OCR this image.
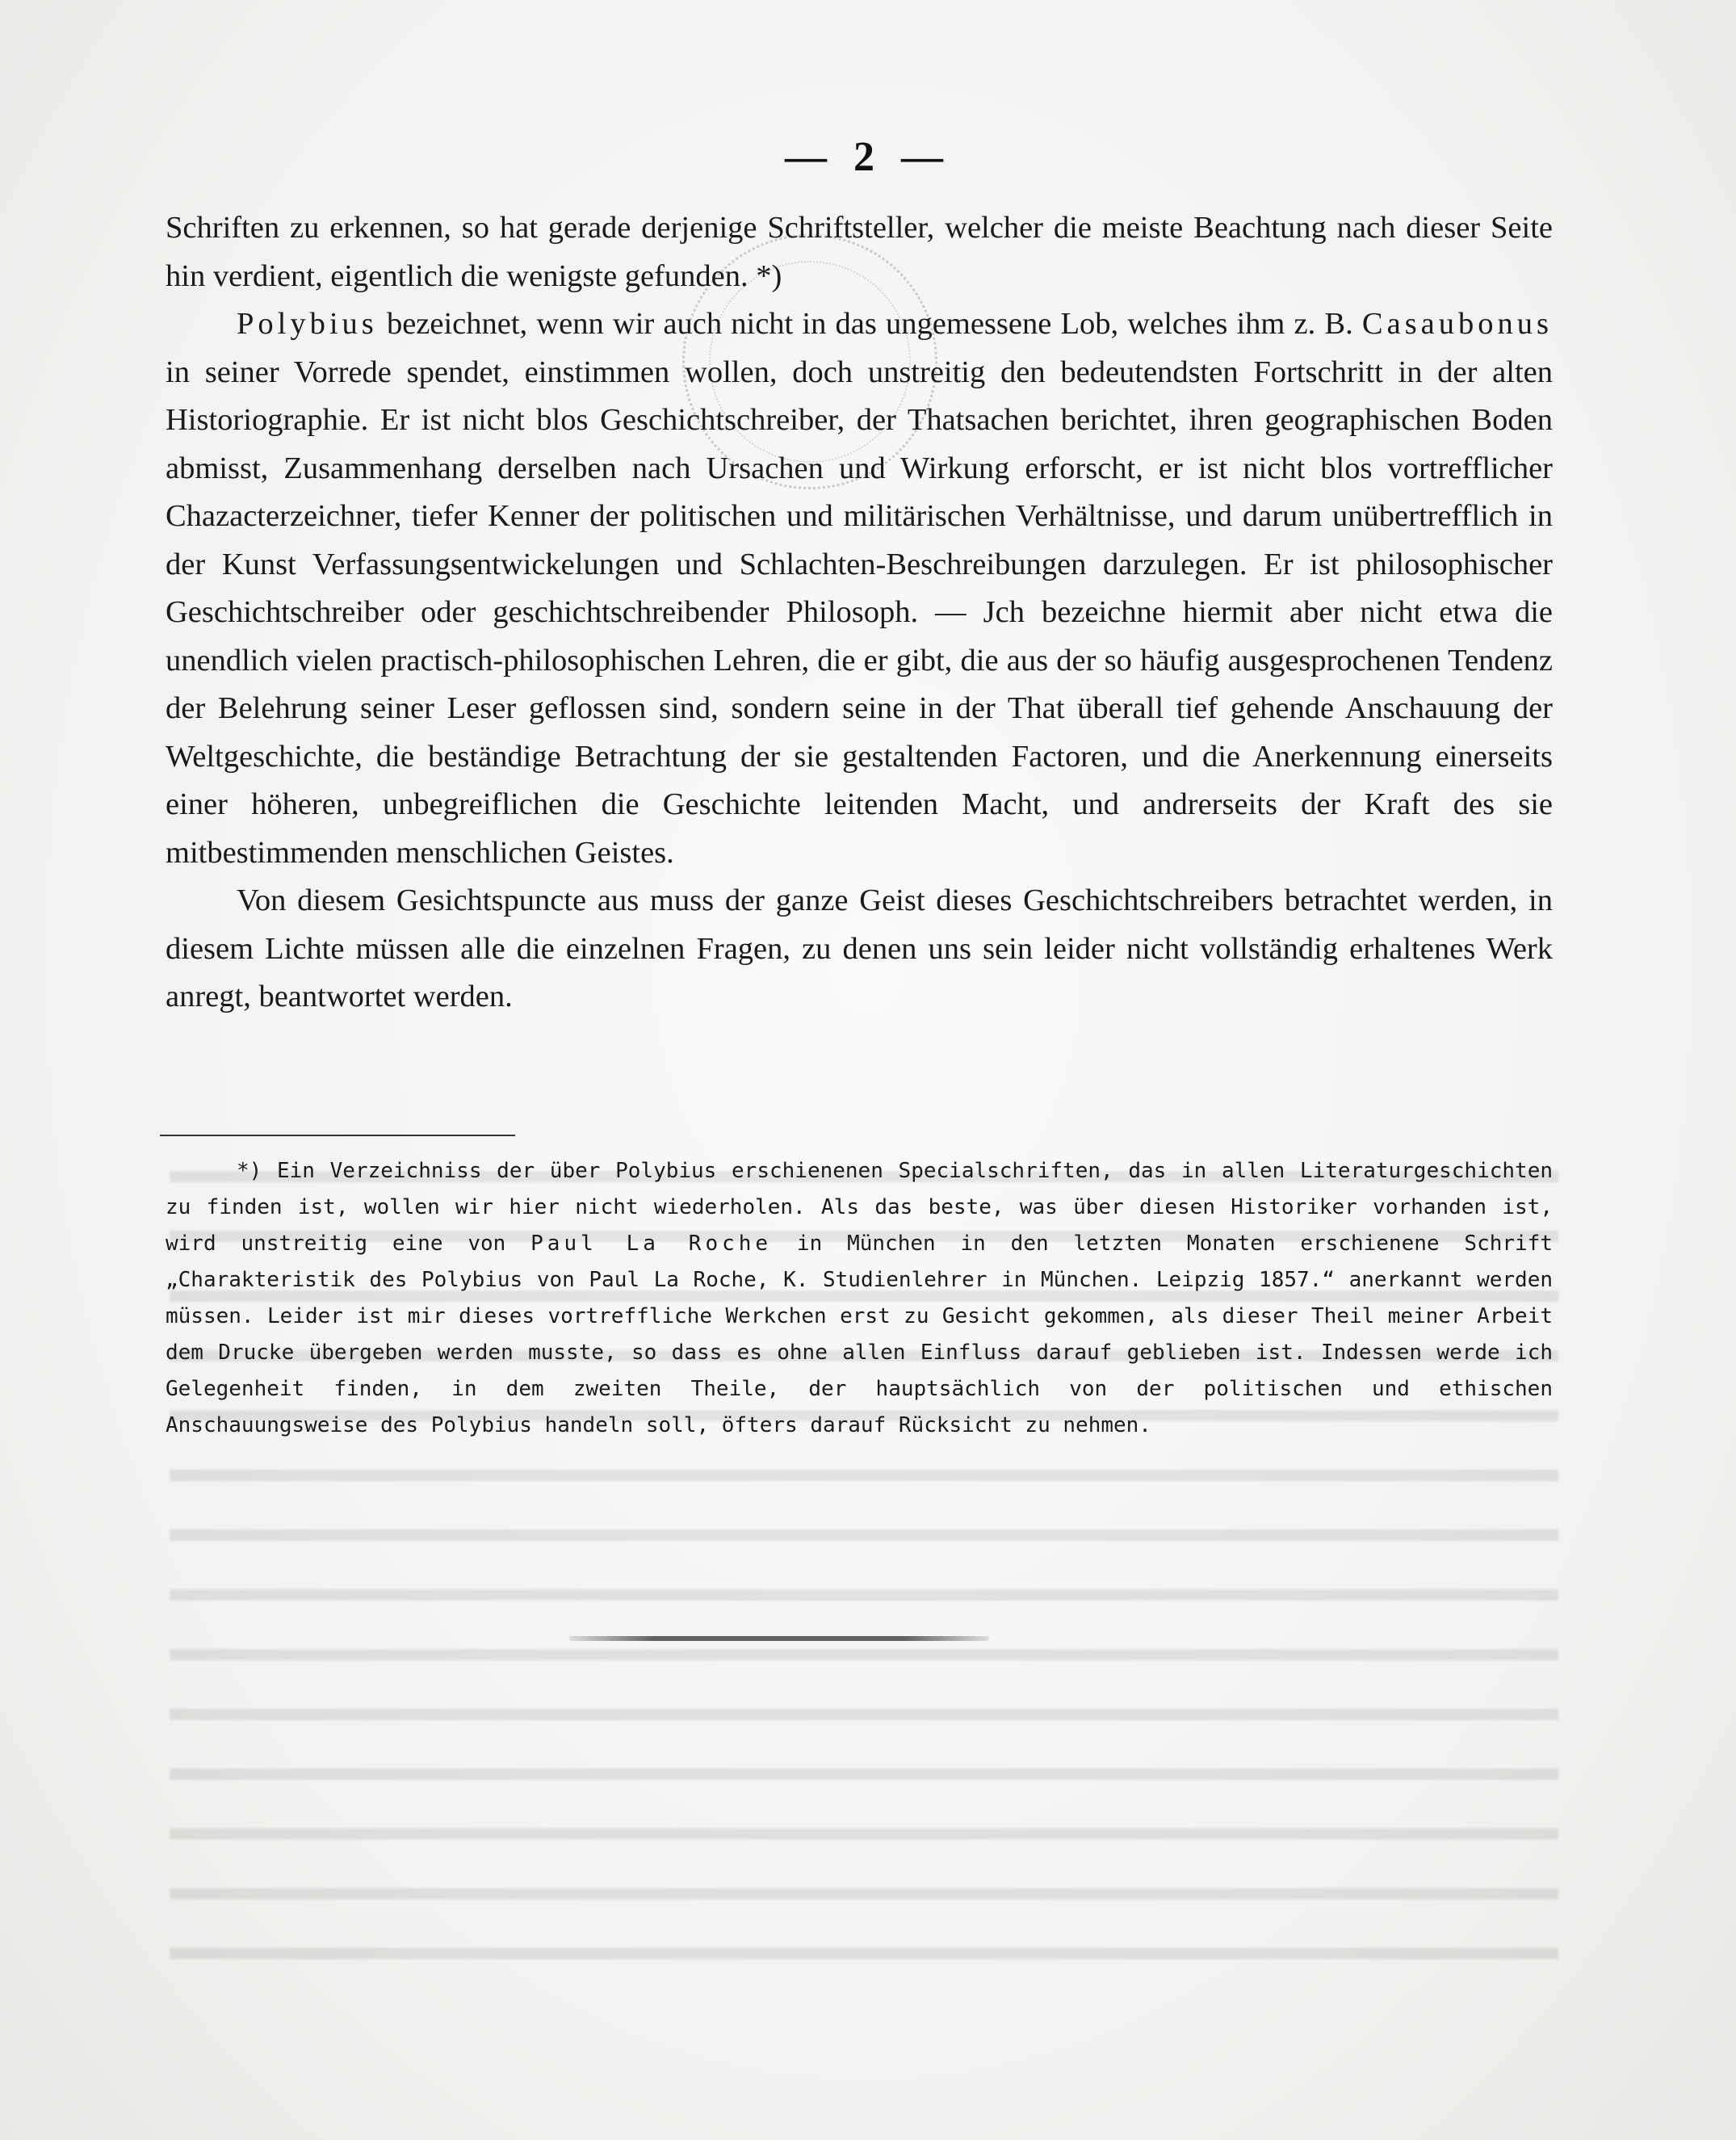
— 2 —

Schriften zu erkennen, so hat gerade derjenige Schriftsteller, welcher die meiste Beachtung nach dieser Seite hin verdient, eigentlich die wenigste gefunden. *)

Polybius bezeichnet, wenn wir auch nicht in das ungemessene Lob, welches ihm z. B. Casaubonus in seiner Vorrede spendet, einstimmen wollen, doch unstreitig den bedeutendsten Fortschritt in der alten Historiographie. Er ist nicht blos Geschichtschreiber, der Thatsachen berichtet, ihren geographischen Boden abmisst, Zusammenhang derselben nach Ursachen und Wirkung erforscht, er ist nicht blos vortrefflicher Chazacterzeichner, tiefer Kenner der politischen und militärischen Verhältnisse, und darum unübertrefflich in der Kunst Verfassungsentwickelungen und Schlachten-Beschreibungen darzulegen. Er ist philosophischer Geschichtschreiber oder geschichtschreibender Philosoph. — Jch bezeichne hiermit aber nicht etwa die unendlich vielen practisch-philosophischen Lehren, die er gibt, die aus der so häufig ausgesprochenen Tendenz der Belehrung seiner Leser geflossen sind, sondern seine in der That überall tief gehende Anschauung der Weltgeschichte, die beständige Betrachtung der sie gestaltenden Factoren, und die Anerkennung einerseits einer höheren, unbegreiflichen die Geschichte leitenden Macht, und andrerseits der Kraft des sie mitbestimmenden menschlichen Geistes.

Von diesem Gesichtspuncte aus muss der ganze Geist dieses Geschichtschreibers betrachtet werden, in diesem Lichte müssen alle die einzelnen Fragen, zu denen uns sein leider nicht vollständig erhaltenes Werk anregt, beantwortet werden.

*) Ein Verzeichniss der über Polybius erschienenen Specialschriften, das in allen Literaturgeschichten zu finden ist, wollen wir hier nicht wiederholen. Als das beste, was über diesen Historiker vorhanden ist, wird unstreitig eine von Paul La Roche in München in den letzten Monaten erschienene Schrift „Charakteristik des Polybius von Paul La Roche, K. Studienlehrer in München. Leipzig 1857.“ anerkannt werden müssen. Leider ist mir dieses vortreffliche Werkchen erst zu Gesicht gekommen, als dieser Theil meiner Arbeit dem Drucke übergeben werden musste, so dass es ohne allen Einfluss darauf geblieben ist. Indessen werde ich Gelegenheit finden, in dem zweiten Theile, der hauptsächlich von der politischen und ethischen Anschauungsweise des Polybius handeln soll, öfters darauf Rücksicht zu nehmen.
